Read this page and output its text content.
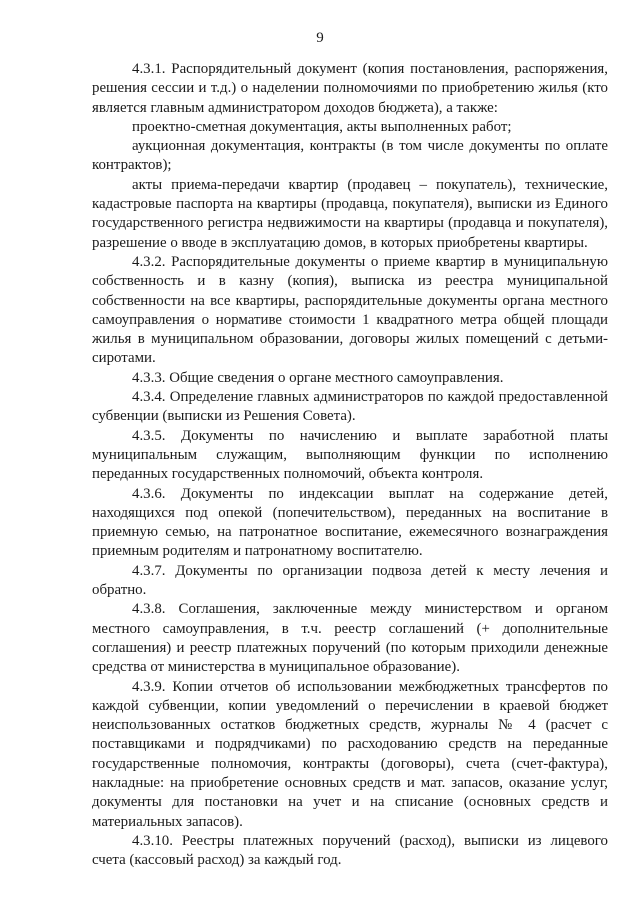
9

4.3.1. Распорядительный документ (копия постановления, распоряжения, решения сессии и т.д.) о наделении полномочиями по приобретению жилья (кто является главным администратором доходов бюджета), а также:

проектно-сметная документация, акты выполненных работ;

аукционная документация, контракты (в том числе документы по оплате контрактов);

акты приема-передачи квартир (продавец – покупатель), технические, кадастровые паспорта на квартиры (продавца, покупателя), выписки из Единого государственного регистра недвижимости на квартиры (продавца и покупателя), разрешение о вводе в эксплуатацию домов, в которых приобретены квартиры.

4.3.2. Распорядительные документы о приеме квартир в муниципальную собственность и в казну (копия), выписка из реестра муниципальной собственности на все квартиры, распорядительные документы органа местного самоуправления о нормативе стоимости 1 квадратного метра общей площади жилья в муниципальном образовании, договоры жилых помещений с детьми-сиротами.

4.3.3. Общие сведения о органе местного самоуправления.

4.3.4. Определение главных администраторов по каждой предоставленной субвенции (выписки из Решения Совета).

4.3.5. Документы по начислению и выплате заработной платы муниципальным служащим, выполняющим функции по исполнению переданных государственных полномочий, объекта контроля.

4.3.6. Документы по индексации выплат на содержание детей, находящихся под опекой (попечительством), переданных на воспитание в приемную семью, на патронатное воспитание, ежемесячного вознаграждения приемным родителям и патронатному воспитателю.

4.3.7. Документы по организации подвоза детей к месту лечения и обратно.

4.3.8. Соглашения, заключенные между министерством и органом местного самоуправления, в т.ч. реестр соглашений (+ дополнительные соглашения) и реестр платежных поручений (по которым приходили денежные средства от министерства в муниципальное образование).

4.3.9. Копии отчетов об использовании межбюджетных трансфертов по каждой субвенции, копии уведомлений о перечислении в краевой бюджет неиспользованных остатков бюджетных средств, журналы № 4 (расчет с поставщиками и подрядчиками) по расходованию средств на переданные государственные полномочия, контракты (договоры), счета (счет-фактура), накладные: на приобретение основных средств и мат. запасов, оказание услуг, документы для постановки на учет и на списание (основных средств и материальных запасов).

4.3.10. Реестры платежных поручений (расход), выписки из лицевого счета (кассовый расход) за каждый год.
